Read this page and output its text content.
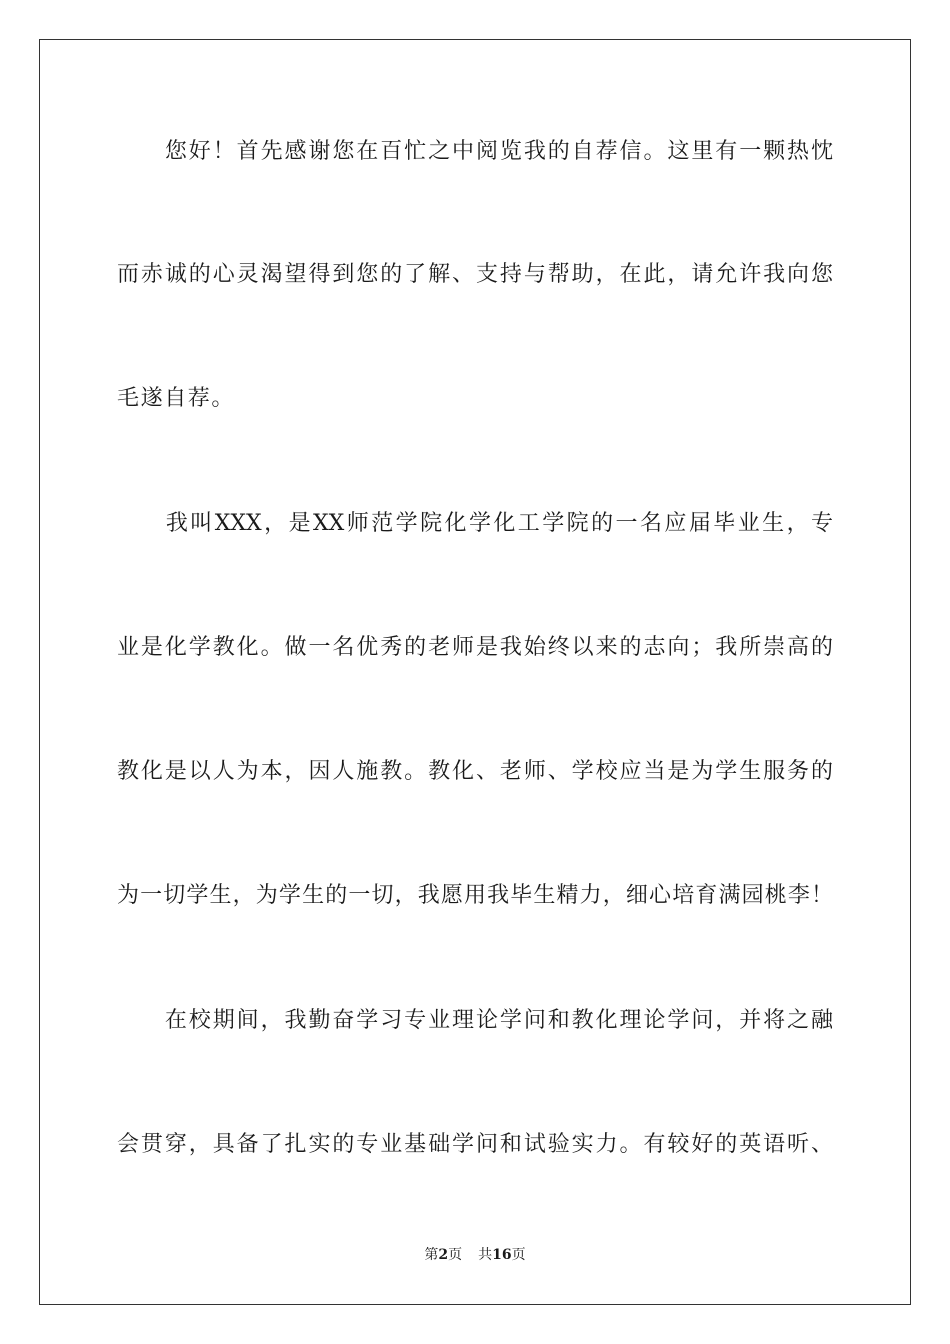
　　您好！首先感谢您在百忙之中阅览我的自荐信。这里有一颗热忱
而赤诚的心灵渴望得到您的了解、支持与帮助，在此，请允许我向您
毛遂自荐。
　　我叫XXX，是XX师范学院化学化工学院的一名应届毕业生，专
业是化学教化。做一名优秀的老师是我始终以来的志向；我所崇高的
教化是以人为本，因人施教。教化、老师、学校应当是为学生服务的
为一切学生，为学生的一切，我愿用我毕生精力，细心培育满园桃李！
　　在校期间，我勤奋学习专业理论学问和教化理论学问，并将之融
会贯穿，具备了扎实的专业基础学问和试验实力。有较好的英语听、
第2页 共16页
